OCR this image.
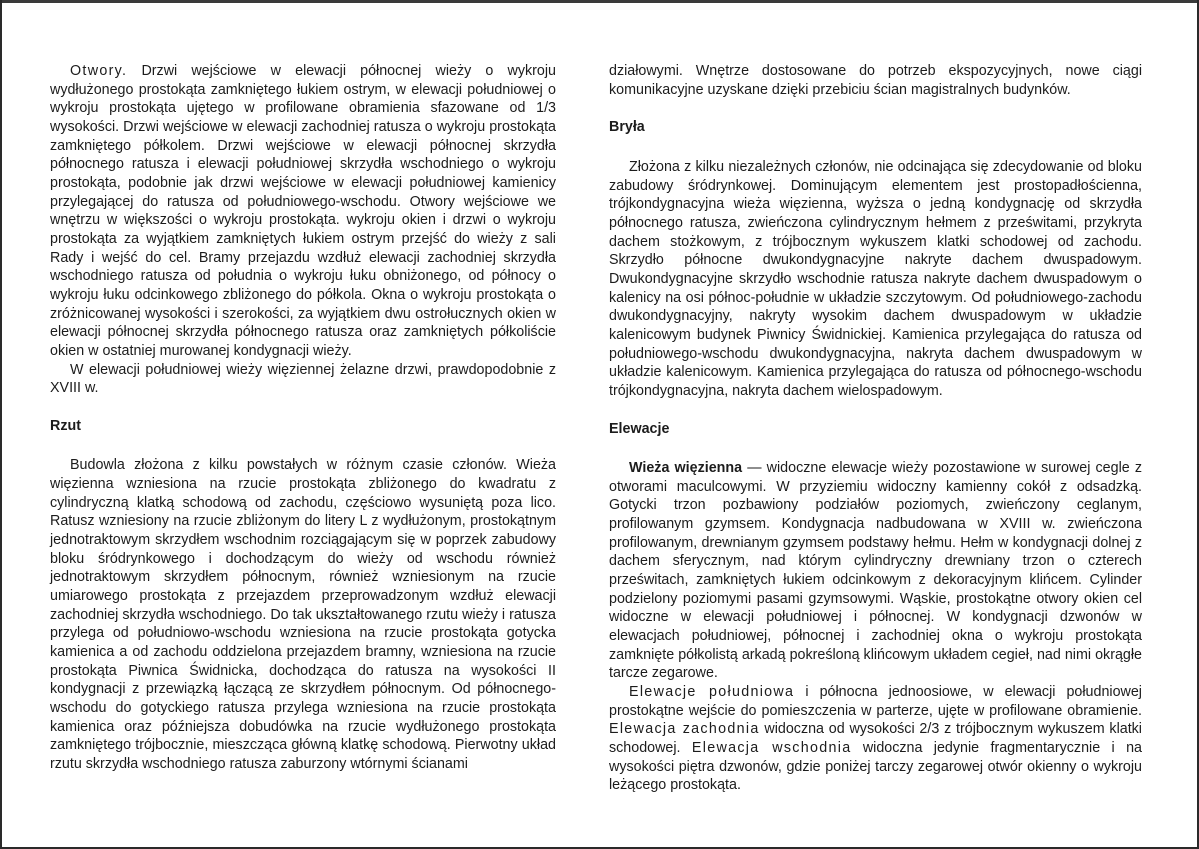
Otwory. Drzwi wejściowe w elewacji północnej wieży o wykroju wydłużonego prostokąta zamkniętego łukiem ostrym, w elewacji południowej o wykroju prostokąta ujętego w profilowane obramienia sfazowane od 1/3 wysokości. Drzwi wejściowe w elewacji zachodniej ratusza o wykroju prostokąta zamkniętego półkolem. Drzwi wejściowe w elewacji północnej skrzydła północnego ratusza i elewacji południowej skrzydła wschodniego o wykroju prostokąta, podobnie jak drzwi wejściowe w elewacji południowej kamienicy przylegającej do ratusza od południowego-wschodu. Otwory wejściowe we wnętrzu w większości o wykroju prostokąta. wykroju okien i drzwi o wykroju prostokąta za wyjątkiem zamkniętych łukiem ostrym przejść do wieży z sali Rady i wejść do cel. Bramy przejazdu wzdłuż elewacji zachodniej skrzydła wschodniego ratusza od południa o wykroju łuku obniżonego, od północy o wykroju łuku odcinkowego zbliżonego do półkola. Okna o wykroju prostokąta o zróżnicowanej wysokości i szerokości, za wyjątkiem dwu ostrołucznych okien w elewacji północnej skrzydła północnego ratusza oraz zamkniętych półkoliście okien w ostatniej murowanej kondygnacji wieży.

W elewacji południowej wieży więziennej żelazne drzwi, prawdopodobnie z XVIII w.

Rzut

Budowla złożona z kilku powstałych w różnym czasie członów. Wieża więzienna wzniesiona na rzucie prostokąta zbliżonego do kwadratu z cylindryczną klatką schodową od zachodu, częściowo wysuniętą poza lico. Ratusz wzniesiony na rzucie zbliżonym do litery L z wydłużonym, prostokątnym jednotraktowym skrzydłem wschodnim rozciągającym się w poprzek zabudowy bloku śródrynkowego i dochodzącym do wieży od wschodu również jednotraktowym skrzydłem północnym, również wzniesionym na rzucie umiarowego prostokąta z przejazdem przeprowadzonym wzdłuż elewacji zachodniej skrzydła wschodniego. Do tak ukształtowanego rzutu wieży i ratusza przylega od południowo-wschodu wzniesiona na rzucie prostokąta gotycka kamienica a od zachodu oddzielona przejazdem bramny, wzniesiona na rzucie prostokąta Piwnica Świdnicka, dochodząca do ratusza na wysokości II kondygnacji z przewiązką łączącą ze skrzydłem północnym. Od północnego-wschodu do gotyckiego ratusza przylega wzniesiona na rzucie prostokąta kamienica oraz późniejsza dobudówka na rzucie wydłużonego prostokąta zamkniętego trójbocznie, mieszcząca główną klatkę schodową. Pierwotny układ rzutu skrzydła wschodniego ratusza zaburzony wtórnymi ścianami

działowymi. Wnętrze dostosowane do potrzeb ekspozycyjnych, nowe ciągi komunikacyjne uzyskane dzięki przebiciu ścian magistralnych budynków.

Bryła

Złożona z kilku niezależnych członów, nie odcinająca się zdecydowanie od bloku zabudowy śródrynkowej. Dominującym elementem jest prostopadłościenna, trójkondygnacyjna wieża więzienna, wyższa o jedną kondygnację od skrzydła północnego ratusza, zwieńczona cylindrycznym hełmem z prześwitami, przykryta dachem stożkowym, z trójbocznym wykuszem klatki schodowej od zachodu. Skrzydło północne dwukondygnacyjne nakryte dachem dwuspadowym. Dwukondygnacyjne skrzydło wschodnie ratusza nakryte dachem dwuspadowym o kalenicy na osi północ-południe w układzie szczytowym. Od południowego-zachodu dwukondygnacyjny, nakryty wysokim dachem dwuspadowym w układzie kalenicowym budynek Piwnicy Świdnickiej. Kamienica przylegająca do ratusza od południowego-wschodu dwukondygnacyjna, nakryta dachem dwuspadowym w układzie kalenicowym. Kamienica przylegająca do ratusza od północnego-wschodu trójkondygnacyjna, nakryta dachem wielospadowym.

Elewacje

Wieża więzienna — widoczne elewacje wieży pozostawione w surowej cegle z otworami maculcowymi. W przyziemiu widoczny kamienny cokół z odsadzką. Gotycki trzon pozbawiony podziałów poziomych, zwieńczony ceglanym, profilowanym gzymsem. Kondygnacja nadbudowana w XVIII w. zwieńczona profilowanym, drewnianym gzymsem podstawy hełmu. Hełm w kondygnacji dolnej z dachem sferycznym, nad którym cylindryczny drewniany trzon o czterech prześwitach, zamkniętych łukiem odcinkowym z dekoracyjnym klińcem. Cylinder podzielony poziomymi pasami gzymsowymi. Wąskie, prostokątne otwory okien cel widoczne w elewacji południowej i północnej. W kondygnacji dzwonów w elewacjach południowej, północnej i zachodniej okna o wykroju prostokąta zamknięte półkolistą arkadą pokreśloną klińcowym układem cegieł, nad nimi okrągłe tarcze zegarowe.

Elewacje południowa i północna jednoosiowe, w elewacji południowej prostokątne wejście do pomieszczenia w parterze, ujęte w profilowane obramienie. Elewacja zachodnia widoczna od wysokości 2/3 z trójbocznym wykuszem klatki schodowej. Elewacja wschodnia widoczna jedynie fragmentarycznie i na wysokości piętra dzwonów, gdzie poniżej tarczy zegarowej otwór okienny o wykroju leżącego prostokąta.
